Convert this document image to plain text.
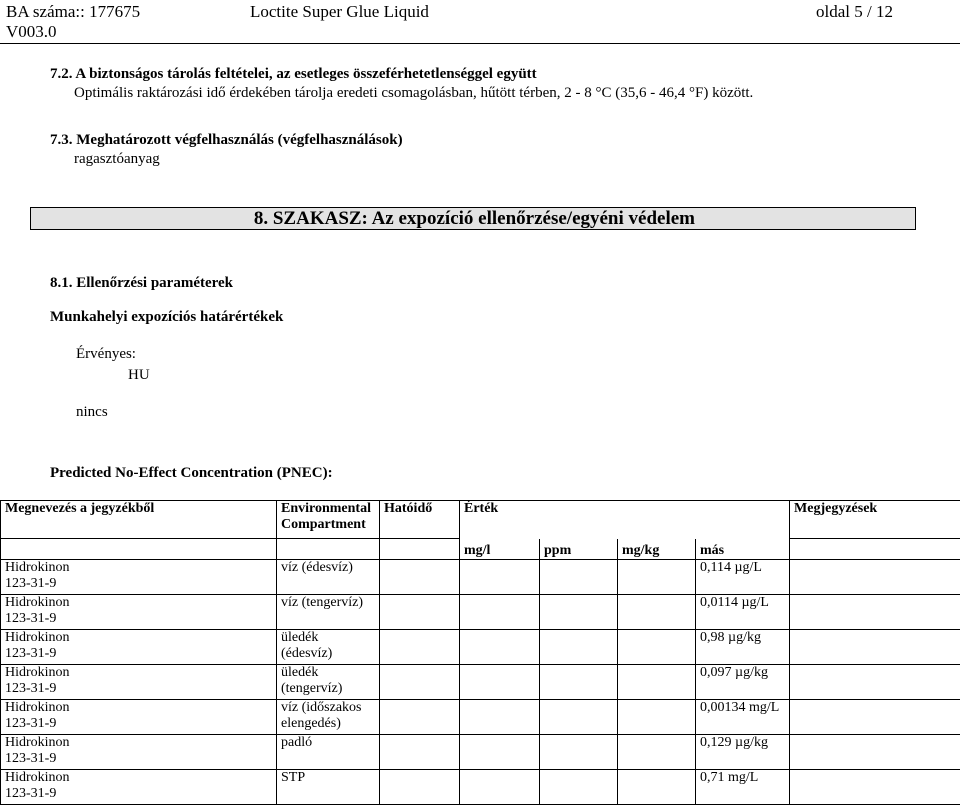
BA száma:: 177675
V003.0
Loctite Super Glue Liquid	oldal 5 / 12
7.2. A biztonságos tárolás feltételei, az esetleges összeférhetetlenséggel együtt
Optimális raktározási idő érdekében tárolja eredeti csomagolásban, hűtött térben, 2 - 8 °C (35,6 - 46,4 °F) között.
7.3. Meghatározott végfelhasználás (végfelhasználások)
ragasztóanyag
8. SZAKASZ: Az expozíció ellenőrzése/egyéni védelem
8.1. Ellenőrzési paraméterek
Munkahelyi expozíciós határértékek
Érvényes:
HU
nincs
Predicted No-Effect Concentration (PNEC):
Megnevezés a jegyzékből	Environmental
Compartment	Hatóidő	Érték				Megjegyzések
			mg/l	ppm	mg/kg	más	

Hidrokinon
123-31-9	víz (édesvíz)					0,114 µg/L	

Hidrokinon
123-31-9	víz (tengervíz)					0,0114 µg/L	

Hidrokinon
123-31-9	üledék
(édesvíz)					0,98 µg/kg	

Hidrokinon
123-31-9	üledék
(tengervíz)					0,097 µg/kg	

Hidrokinon
123-31-9	víz (időszakos
elengedés)					0,00134 mg/L	

Hidrokinon
123-31-9	padló					0,129 µg/kg	

Hidrokinon
123-31-9	STP					0,71 mg/L	
